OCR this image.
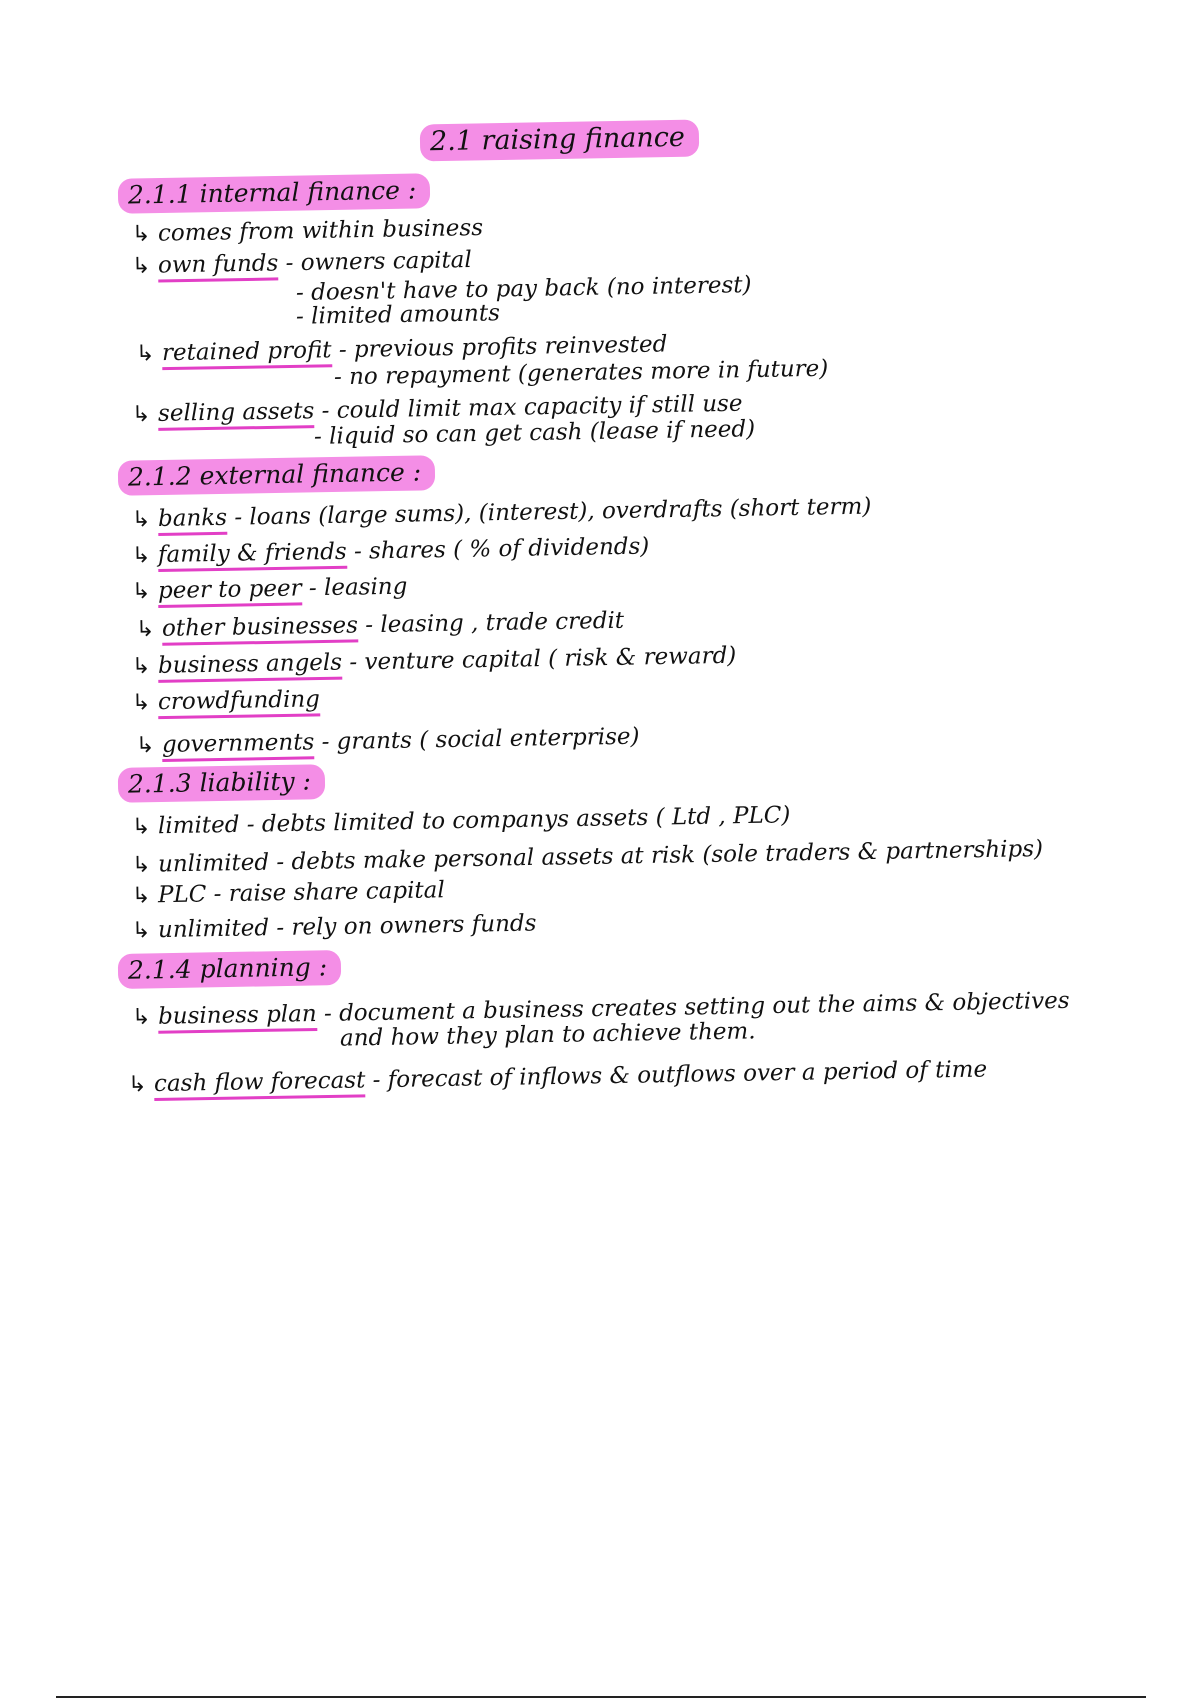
2.1 raising finance
2.1.1 internal finance :
↳ comes from within business
↳ own funds - owners capital
- doesn't have to pay back (no interest)
- limited amounts
↳ retained profit - previous profits reinvested
- no repayment (generates more in future)
↳ selling assets - could limit max capacity if still use
- liquid so can get cash (lease if need)
2.1.2 external finance :
↳ banks - loans (large sums), (interest), overdrafts (short term)
↳ family & friends - shares ( % of dividends)
↳ peer to peer - leasing
↳ other businesses - leasing , trade credit
↳ business angels - venture capital ( risk & reward)
↳ crowdfunding
↳ governments - grants ( social enterprise)
2.1.3 liability :
↳ limited - debts limited to companys assets ( Ltd , PLC)
↳ unlimited - debts make personal assets at risk (sole traders & partnerships)
↳ PLC - raise share capital
↳ unlimited - rely on owners funds
2.1.4 planning :
↳ business plan - document a business creates setting out the aims & objectives
and how they plan to achieve them.
↳ cash flow forecast - forecast of inflows & outflows over a period of time
